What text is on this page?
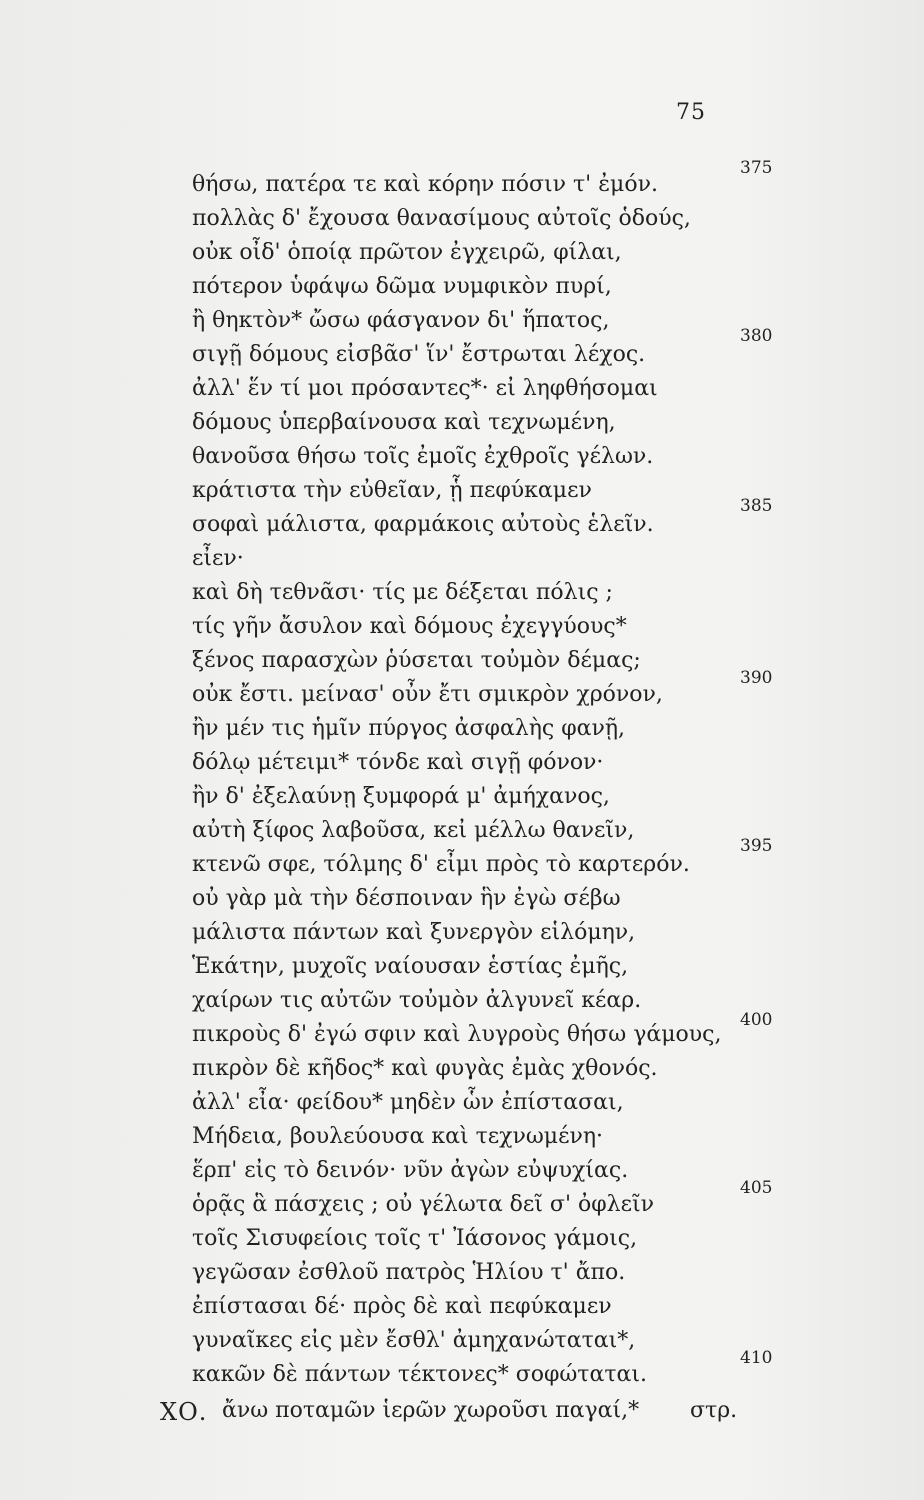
75
θήσω, πατέρα τε καὶ κόρην πόσιν τ' ἐμόν.
πολλὰς δ' ἔχουσα θανασίμους αὐτοῖς ὁδούς,
οὐκ οἶδ' ὁποίᾳ πρῶτον ἐγχειρῶ, φίλαι,
πότερον ὑφάψω δῶμα νυμφικὸν πυρί,
ἢ θηκτὸν* ὤσω φάσγανον δι' ἥπατος,
σιγῇ δόμους εἰσβᾶσ' ἵν' ἔστρωται λέχος.
ἀλλ' ἕν τί μοι πρόσαντες*· εἰ ληφθήσομαι
δόμους ὑπερβαίνουσα καὶ τεχνωμένη,
θανοῦσα θήσω τοῖς ἐμοῖς ἐχθροῖς γέλων.
κράτιστα τὴν εὐθεῖαν, ᾗ πεφύκαμεν
σοφαὶ μάλιστα, φαρμάκοις αὐτοὺς ἑλεῖν.
εἶεν·
καὶ δὴ τεθνᾶσι· τίς με δέξεται πόλις ;
τίς γῆν ἄσυλον καὶ δόμους ἐχεγγύους*
ξένος παρασχὼν ῥύσεται τοὐμὸν δέμας;
οὐκ ἔστι. μείνασ' οὖν ἔτι σμικρὸν χρόνον,
ἢν μέν τις ἡμῖν πύργος ἀσφαλὴς φανῇ,
δόλῳ μέτειμι* τόνδε καὶ σιγῇ φόνον·
ἢν δ' ἐξελαύνῃ ξυμφορά μ' ἀμήχανος,
αὐτὴ ξίφος λαβοῦσα, κεἰ μέλλω θανεῖν,
κτενῶ σφε, τόλμης δ' εἶμι πρὸς τὸ καρτερόν.
οὐ γὰρ μὰ τὴν δέσποιναν ἣν ἐγὼ σέβω
μάλιστα πάντων καὶ ξυνεργὸν εἱλόμην,
Ἑκάτην, μυχοῖς ναίουσαν ἑστίας ἐμῆς,
χαίρων τις αὐτῶν τοὐμὸν ἀλγυνεῖ κέαρ.
πικροὺς δ' ἐγώ σφιν καὶ λυγροὺς θήσω γάμους,
πικρὸν δὲ κῆδος* καὶ φυγὰς ἐμὰς χθονός.
ἀλλ' εἶα· φείδου* μηδὲν ὧν ἐπίστασαι,
Μήδεια, βουλεύουσα καὶ τεχνωμένη·
ἕρπ' εἰς τὸ δεινόν· νῦν ἀγὼν εὐψυχίας.
ὁρᾷς ἃ πάσχεις ; οὐ γέλωτα δεῖ σ' ὀφλεῖν
τοῖς Σισυφείοις τοῖς τ' Ἰάσονος γάμοις,
γεγῶσαν ἐσθλοῦ πατρὸς Ἡλίου τ' ἄπο.
ἐπίστασαι δέ· πρὸς δὲ καὶ πεφύκαμεν
γυναῖκες εἰς μὲν ἔσθλ' ἀμηχανώταται*,
κακῶν δὲ πάντων τέκτονες* σοφώταται.
ΧΟ. ἄνω ποταμῶν ἱερῶν χωροῦσι παγαί,* στρ.
375
380
385
390
395
400
405
410
